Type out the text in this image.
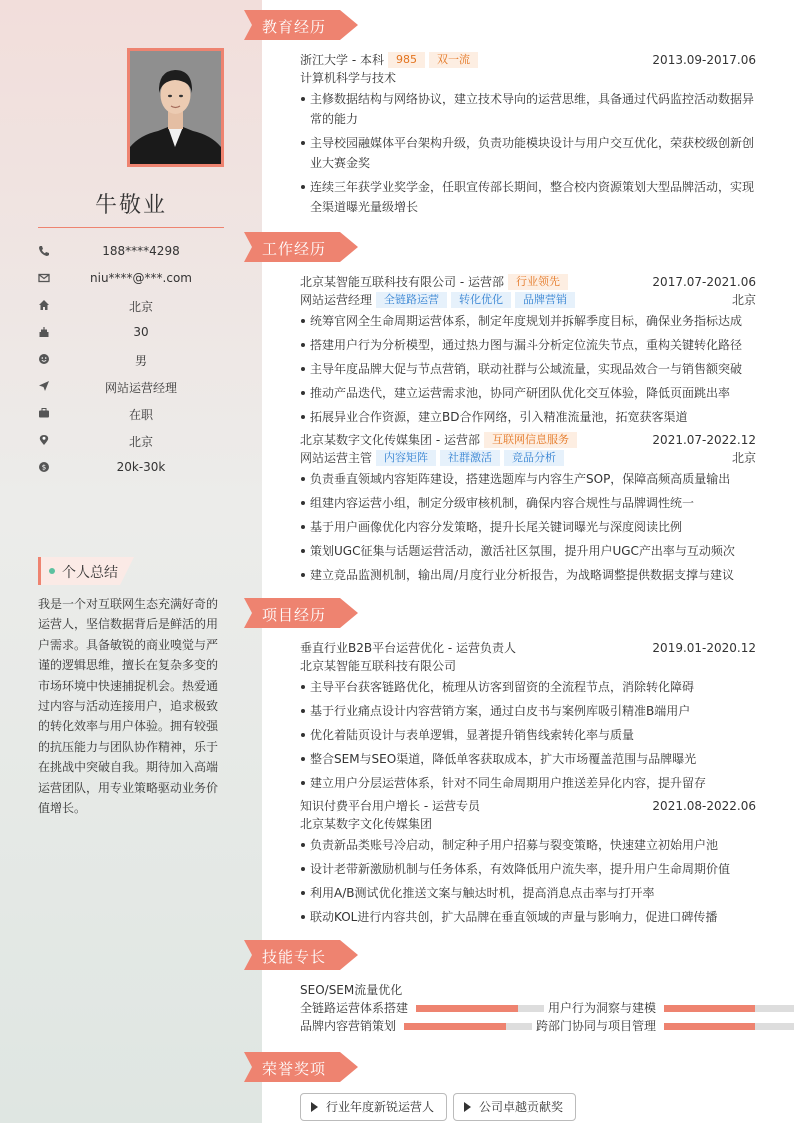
牛敬业
188****4298
niu****@***.com
北京
30
男
网站运营经理
在职
北京
$	20k-30k
个人总结
我是一个对互联网生态充满好奇的运营人，坚信数据背后是鲜活的用户需求。具备敏锐的商业嗅觉与严谨的逻辑思维，擅长在复杂多变的市场环境中快速捕捉机会。热爱通过内容与活动连接用户，追求极致的转化效率与用户体验。拥有较强的抗压能力与团队协作精神，乐于在挑战中突破自我。期待加入高端运营团队，用专业策略驱动业务价值增长。
教育经历
浙江大学 - 本科 985 双一流	2013.09-2017.06
计算机科学与技术
主修数据结构与网络协议，建立技术导向的运营思维，具备通过代码监控活动数据异常的能力
主导校园融媒体平台架构升级，负责功能模块设计与用户交互优化，荣获校级创新创业大赛金奖
连续三年获学业奖学金，任职宣传部长期间，整合校内资源策划大型品牌活动，实现全渠道曝光量级增长
工作经历
北京某智能互联科技有限公司 - 运营部 行业领先	2017.07-2021.06
网站运营经理 全链路运营 转化优化 品牌营销	北京
统筹官网全生命周期运营体系，制定年度规划并拆解季度目标，确保业务指标达成
搭建用户行为分析模型，通过热力图与漏斗分析定位流失节点，重构关键转化路径
主导年度品牌大促与节点营销，联动社群与公域流量，实现品效合一与销售额突破
推动产品迭代，建立运营需求池，协同产研团队优化交互体验，降低页面跳出率
拓展异业合作资源，建立BD合作网络，引入精准流量池，拓宽获客渠道
北京某数字文化传媒集团 - 运营部 互联网信息服务	2021.07-2022.12
网站运营主管 内容矩阵 社群激活 竞品分析	北京
负责垂直领域内容矩阵建设，搭建选题库与内容生产SOP，保障高频高质量输出
组建内容运营小组，制定分级审核机制，确保内容合规性与品牌调性统一
基于用户画像优化内容分发策略，提升长尾关键词曝光与深度阅读比例
策划UGC征集与话题运营活动，激活社区氛围，提升用户UGC产出率与互动频次
建立竞品监测机制，输出周/月度行业分析报告，为战略调整提供数据支撑与建议
项目经历
垂直行业B2B平台运营优化 - 运营负责人	2019.01-2020.12
北京某智能互联科技有限公司
主导平台获客链路优化，梳理从访客到留资的全流程节点，消除转化障碍
基于行业痛点设计内容营销方案，通过白皮书与案例库吸引精准B端用户
优化着陆页设计与表单逻辑，显著提升销售线索转化率与质量
整合SEM与SEO渠道，降低单客获取成本，扩大市场覆盖范围与品牌曝光
建立用户分层运营体系，针对不同生命周期用户推送差异化内容，提升留存
知识付费平台用户增长 - 运营专员	2021.08-2022.06
北京某数字文化传媒集团
负责新品类账号冷启动，制定种子用户招募与裂变策略，快速建立初始用户池
设计老带新激励机制与任务体系，有效降低用户流失率，提升用户生命周期价值
利用A/B测试优化推送文案与触达时机，提高消息点击率与打开率
联动KOL进行内容共创，扩大品牌在垂直领域的声量与影响力，促进口碑传播
技能专长
SEO/SEM流量优化
全链路运营体系搭建	用户行为洞察与建模
品牌内容营销策划	跨部门协同与项目管理
荣誉奖项
行业年度新锐运营人	公司卓越贡献奖
